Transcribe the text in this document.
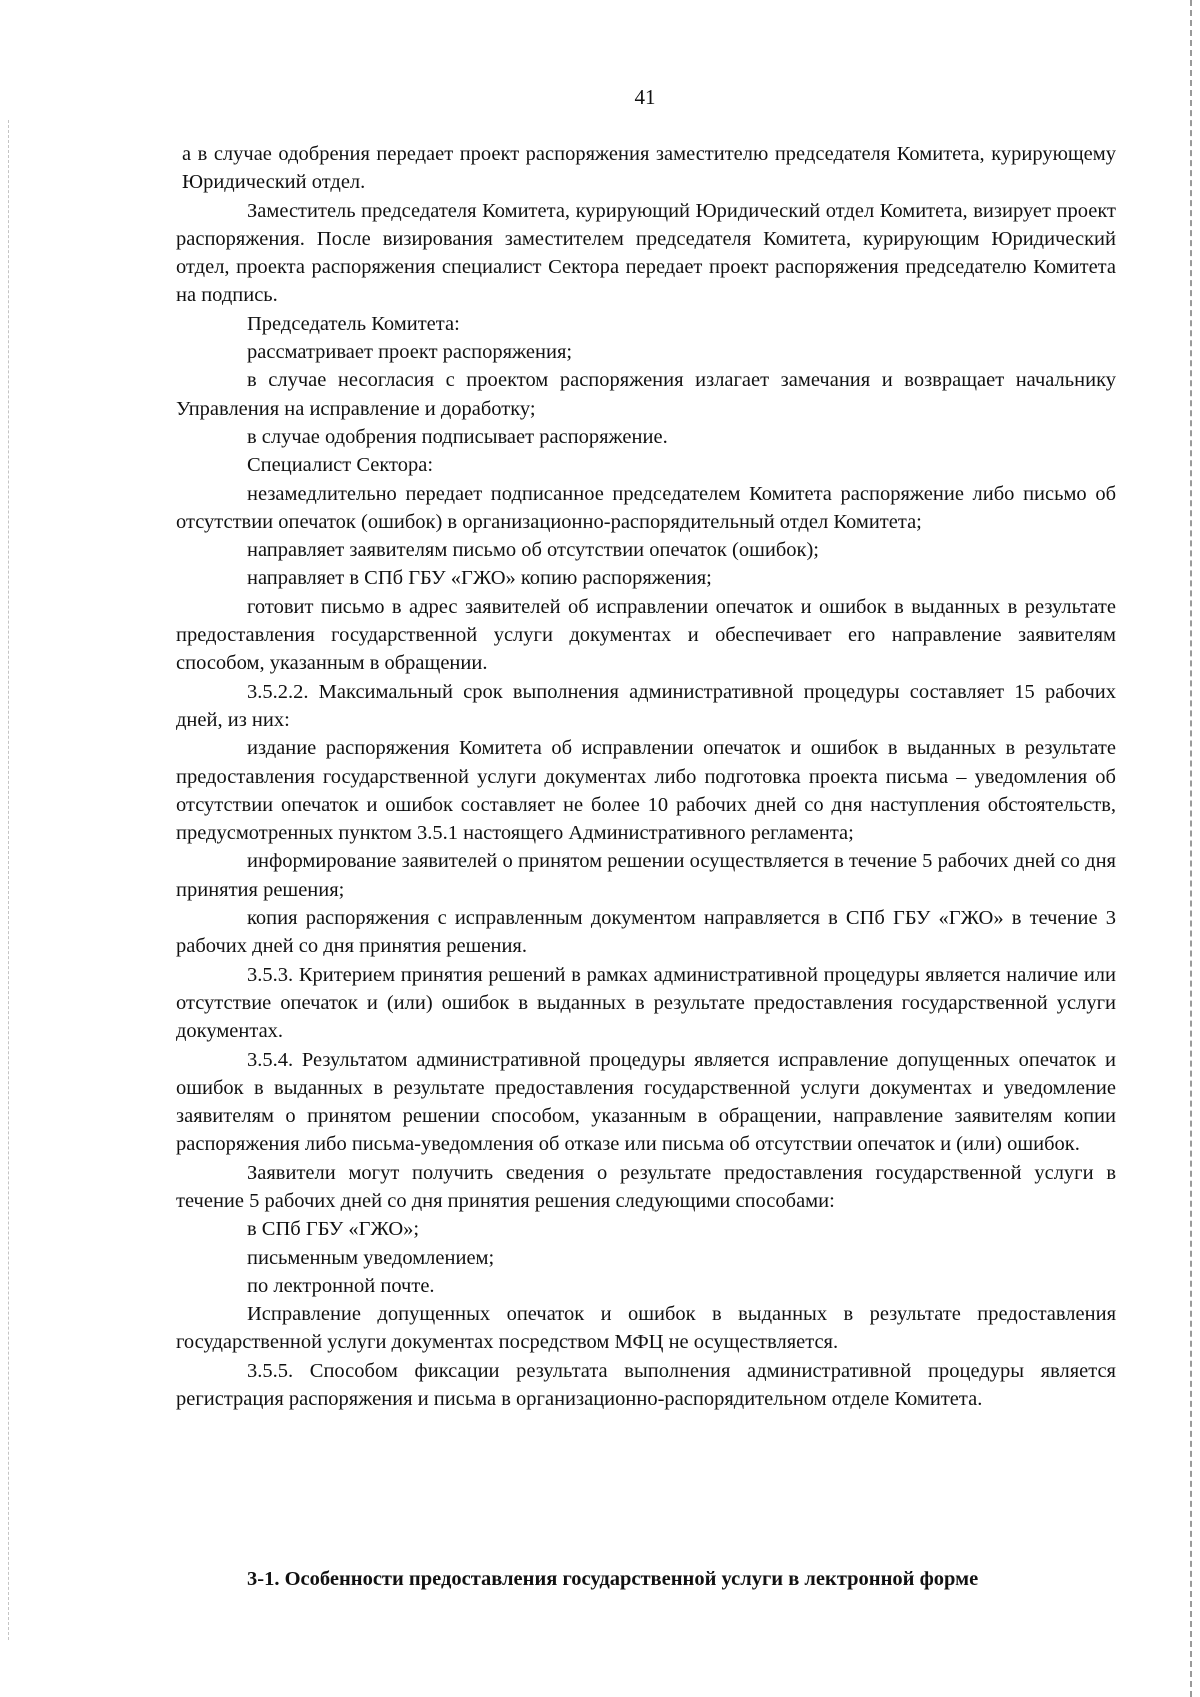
41

а в случае одобрения передает проект распоряжения заместителю председателя Комитета, курирующему Юридический отдел.

Заместитель председателя Комитета, курирующий Юридический отдел Комитета, визирует проект распоряжения. После визирования заместителем председателя Комитета, курирующим Юридический отдел, проекта распоряжения специалист Сектора передает проект распоряжения председателю Комитета на подпись.

Председатель Комитета:

рассматривает проект распоряжения;

в случае несогласия с проектом распоряжения излагает замечания и возвращает начальнику Управления на исправление и доработку;

в случае одобрения подписывает распоряжение.

Специалист Сектора:

незамедлительно передает подписанное председателем Комитета распоряжение либо письмо об отсутствии опечаток (ошибок) в организационно-распорядительный отдел Комитета;

направляет заявителям письмо об отсутствии опечаток (ошибок);

направляет в СПб ГБУ «ГЖО» копию распоряжения;

готовит письмо в адрес заявителей об исправлении опечаток и ошибок в выданных в результате предоставления государственной услуги документах и обеспечивает его направление заявителям способом, указанным в обращении.

3.5.2.2. Максимальный срок выполнения административной процедуры составляет 15 рабочих дней, из них:

издание распоряжения Комитета об исправлении опечаток и ошибок в выданных в результате предоставления государственной услуги документах либо подготовка проекта письма – уведомления об отсутствии опечаток и ошибок составляет не более 10 рабочих дней со дня наступления обстоятельств, предусмотренных пунктом 3.5.1 настоящего Административного регламента;

информирование заявителей о принятом решении осуществляется в течение 5 рабочих дней со дня принятия решения;

копия распоряжения с исправленным документом направляется в СПб ГБУ «ГЖО» в течение 3 рабочих дней со дня принятия решения.

3.5.3. Критерием принятия решений в рамках административной процедуры является наличие или отсутствие опечаток и (или) ошибок в выданных в результате предоставления государственной услуги документах.

3.5.4. Результатом административной процедуры является исправление допущенных опечаток и ошибок в выданных в результате предоставления государственной услуги документах и уведомление заявителям о принятом решении способом, указанным в обращении, направление заявителям копии распоряжения либо письма-уведомления об отказе или письма об отсутствии опечаток и (или) ошибок.

Заявители могут получить сведения о результате предоставления государственной услуги в течение 5 рабочих дней со дня принятия решения следующими способами:

в СПб ГБУ «ГЖО»;

письменным уведомлением;

по лектронной почте.

Исправление допущенных опечаток и ошибок в выданных в результате предоставления государственной услуги документах посредством МФЦ не осуществляется.

3.5.5. Способом фиксации результата выполнения административной процедуры является регистрация распоряжения и письма в организационно-распорядительном отделе Комитета.

3-1. Особенности предоставления государственной услуги в лектронной форме
